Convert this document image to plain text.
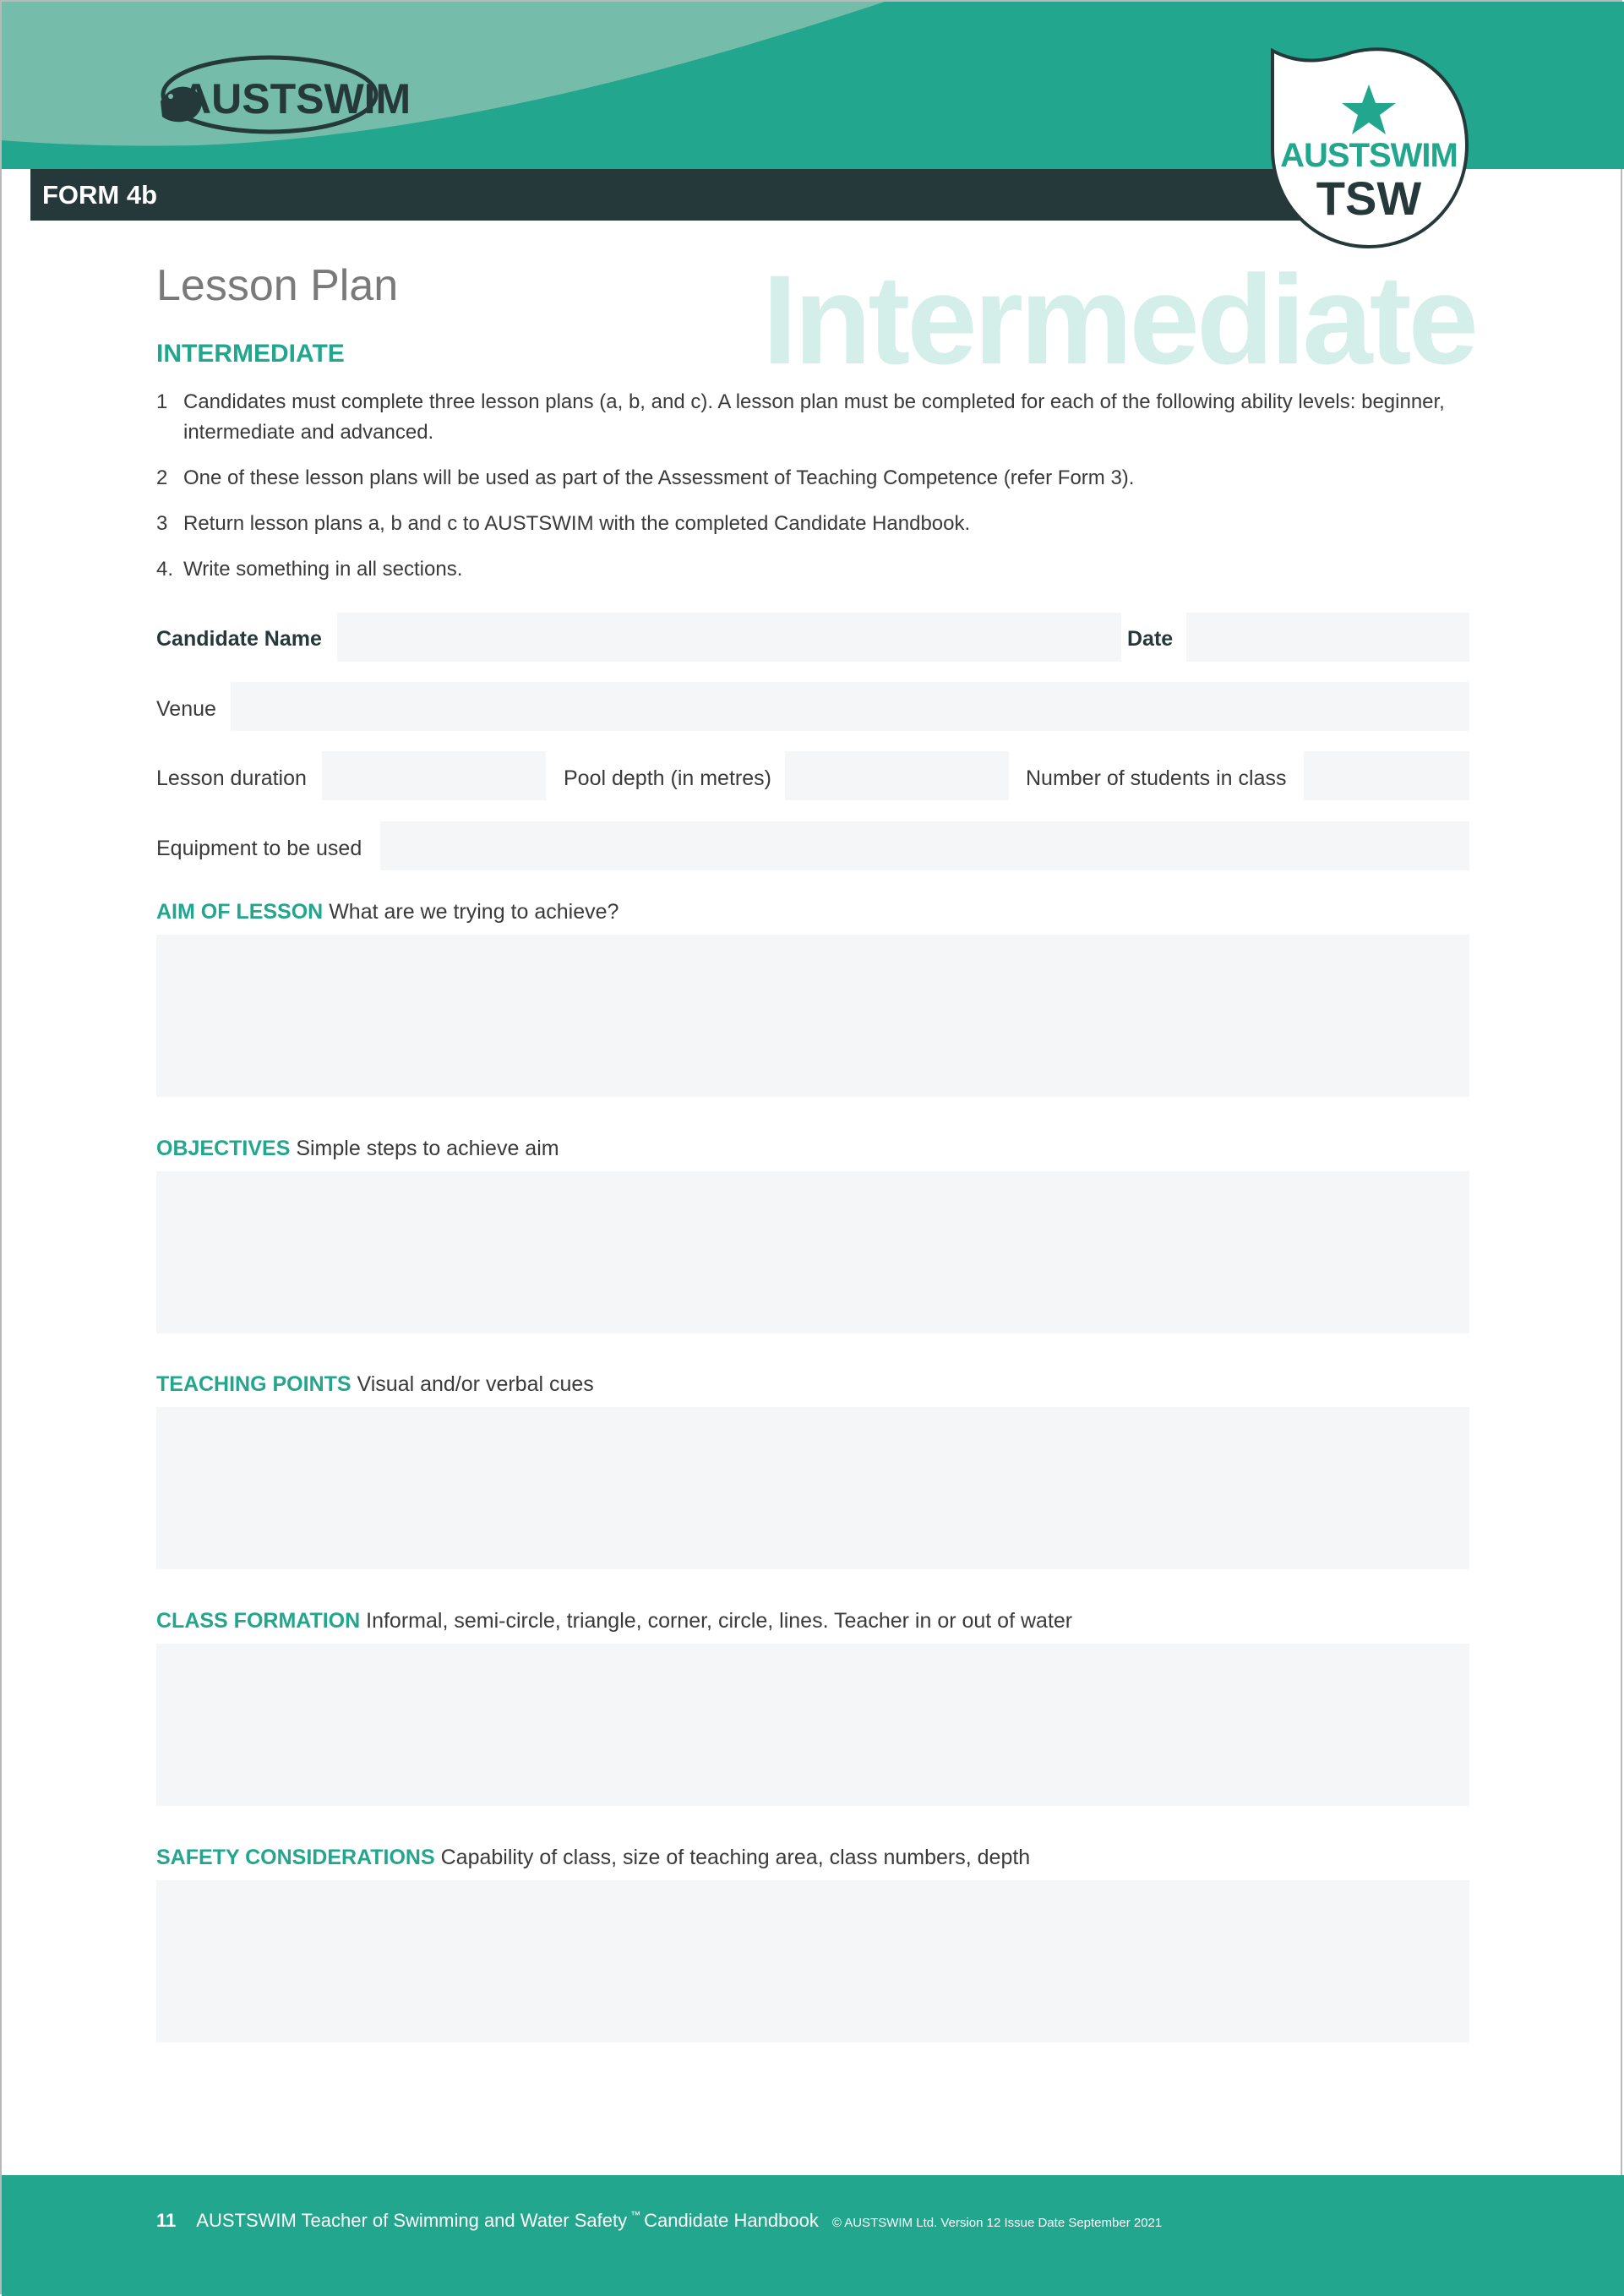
AUSTSWIM
FORM 4b
AUSTSWIM
TSW
Intermediate
Lesson Plan
INTERMEDIATE
1 Candidates must complete three lesson plans (a, b, and c). A lesson plan must be completed for each of the following ability levels: beginner, intermediate and advanced.
2 One of these lesson plans will be used as part of the Assessment of Teaching Competence (refer Form 3).
3 Return lesson plans a, b and c to AUSTSWIM with the completed Candidate Handbook.
4. Write something in all sections.
Candidate Name	Date
Venue
Lesson duration	Pool depth (in metres)	Number of students in class
Equipment to be used
AIM OF LESSON What are we trying to achieve?
OBJECTIVES Simple steps to achieve aim
TEACHING POINTS Visual and/or verbal cues
CLASS FORMATION Informal, semi-circle, triangle, corner, circle, lines. Teacher in or out of water
SAFETY CONSIDERATIONS Capability of class, size of teaching area, class numbers, depth
11 AUSTSWIM Teacher of Swimming and Water Safety ™ Candidate Handbook © AUSTSWIM Ltd. Version 12 Issue Date September 2021
